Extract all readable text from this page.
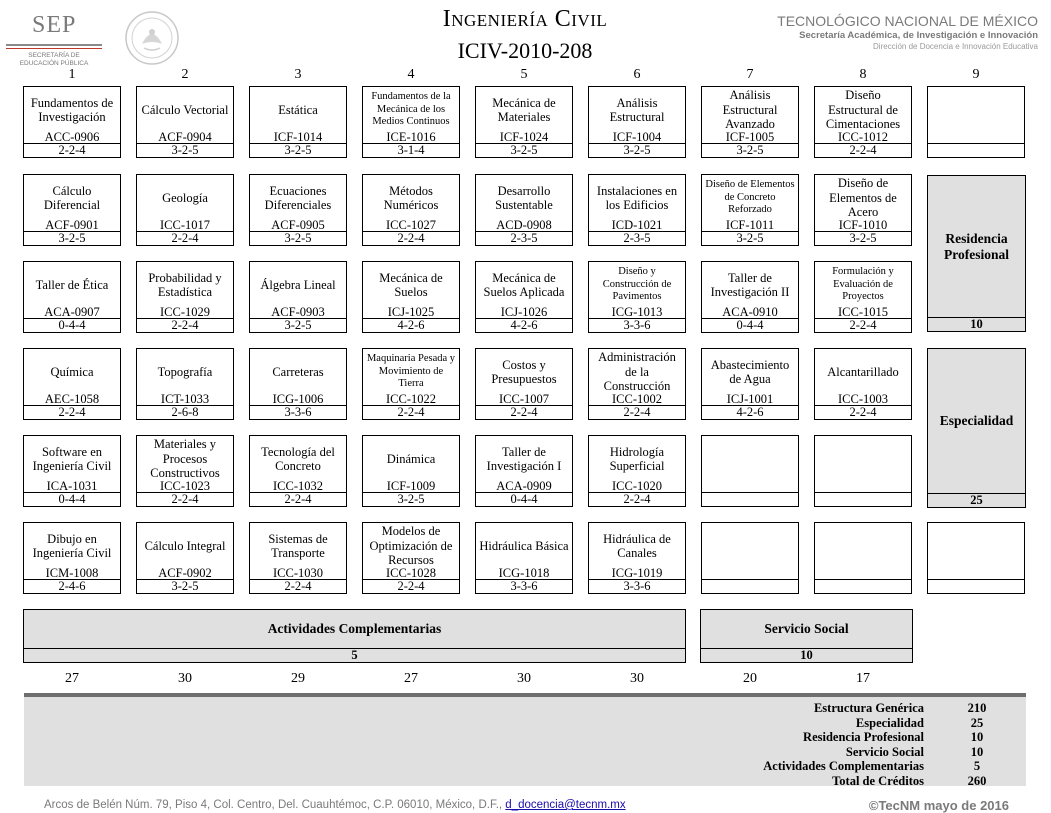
SEP
SECRETARÍA DE
EDUCACIÓN PÚBLICA
Ingeniería Civil
ICIV-2010-208
TECNOLÓGICO NACIONAL DE MÉXICO
Secretaría Académica, de Investigación e Innovación
Dirección de Docencia e Innovación Educativa
1	2	3	4	5	6	7	8	9
Fundamentos de Investigación
ACC-0906
2-2-4
Cálculo Vectorial
ACF-0904
3-2-5
Estática
ICF-1014
3-2-5
Fundamentos de la Mecánica de los Medios Continuos
ICE-1016
3-1-4
Mecánica de Materiales
ICF-1024
3-2-5
Análisis Estructural
ICF-1004
3-2-5
Análisis Estructural Avanzado
ICF-1005
3-2-5
Diseño Estructural de Cimentaciones
ICC-1012
2-2-4
Cálculo Diferencial
ACF-0901
3-2-5
Geología
ICC-1017
2-2-4
Ecuaciones Diferenciales
ACF-0905
3-2-5
Métodos Numéricos
ICC-1027
2-2-4
Desarrollo Sustentable
ACD-0908
2-3-5
Instalaciones en los Edificios
ICD-1021
2-3-5
Diseño de Elementos de Concreto Reforzado
ICF-1011
3-2-5
Diseño de Elementos de Acero
ICF-1010
3-2-5
Taller de Ética
ACA-0907
0-4-4
Probabilidad y Estadística
ICC-1029
2-2-4
Álgebra Lineal
ACF-0903
3-2-5
Mecánica de Suelos
ICJ-1025
4-2-6
Mecánica de Suelos Aplicada
ICJ-1026
4-2-6
Diseño y Construcción de Pavimentos
ICG-1013
3-3-6
Taller de Investigación II
ACA-0910
0-4-4
Formulación y Evaluación de Proyectos
ICC-1015
2-2-4
Química
AEC-1058
2-2-4
Topografía
ICT-1033
2-6-8
Carreteras
ICG-1006
3-3-6
Maquinaria Pesada y Movimiento de Tierra
ICC-1022
2-2-4
Costos y Presupuestos
ICC-1007
2-2-4
Administración de la Construcción
ICC-1002
2-2-4
Abastecimiento de Agua
ICJ-1001
4-2-6
Alcantarillado
ICC-1003
2-2-4
Software en Ingeniería Civil
ICA-1031
0-4-4
Materiales y Procesos Constructivos
ICC-1023
2-2-4
Tecnología del Concreto
ICC-1032
2-2-4
Dinámica
ICF-1009
3-2-5
Taller de Investigación I
ACA-0909
0-4-4
Hidrología Superficial
ICC-1020
2-2-4
Dibujo en Ingeniería Civil
ICM-1008
2-4-6
Cálculo Integral
ACF-0902
3-2-5
Sistemas de Transporte
ICC-1030
2-2-4
Modelos de Optimización de Recursos
ICC-1028
2-2-4
Hidráulica Básica
ICG-1018
3-3-6
Hidráulica de Canales
ICG-1019
3-3-6
Residencia Profesional
10
Especialidad
25
Actividades Complementarias
5
Servicio Social
10
27	30	29	27	30	30	20	17
Estructura Genérica	210
Especialidad	25
Residencia Profesional	10
Servicio Social	10
Actividades Complementarias	5
Total de Créditos	260
Arcos de Belén Núm. 79, Piso 4, Col. Centro, Del. Cuauhtémoc, C.P. 06010, México, D.F., d_docencia@tecnm.mx	©TecNM mayo de 2016
